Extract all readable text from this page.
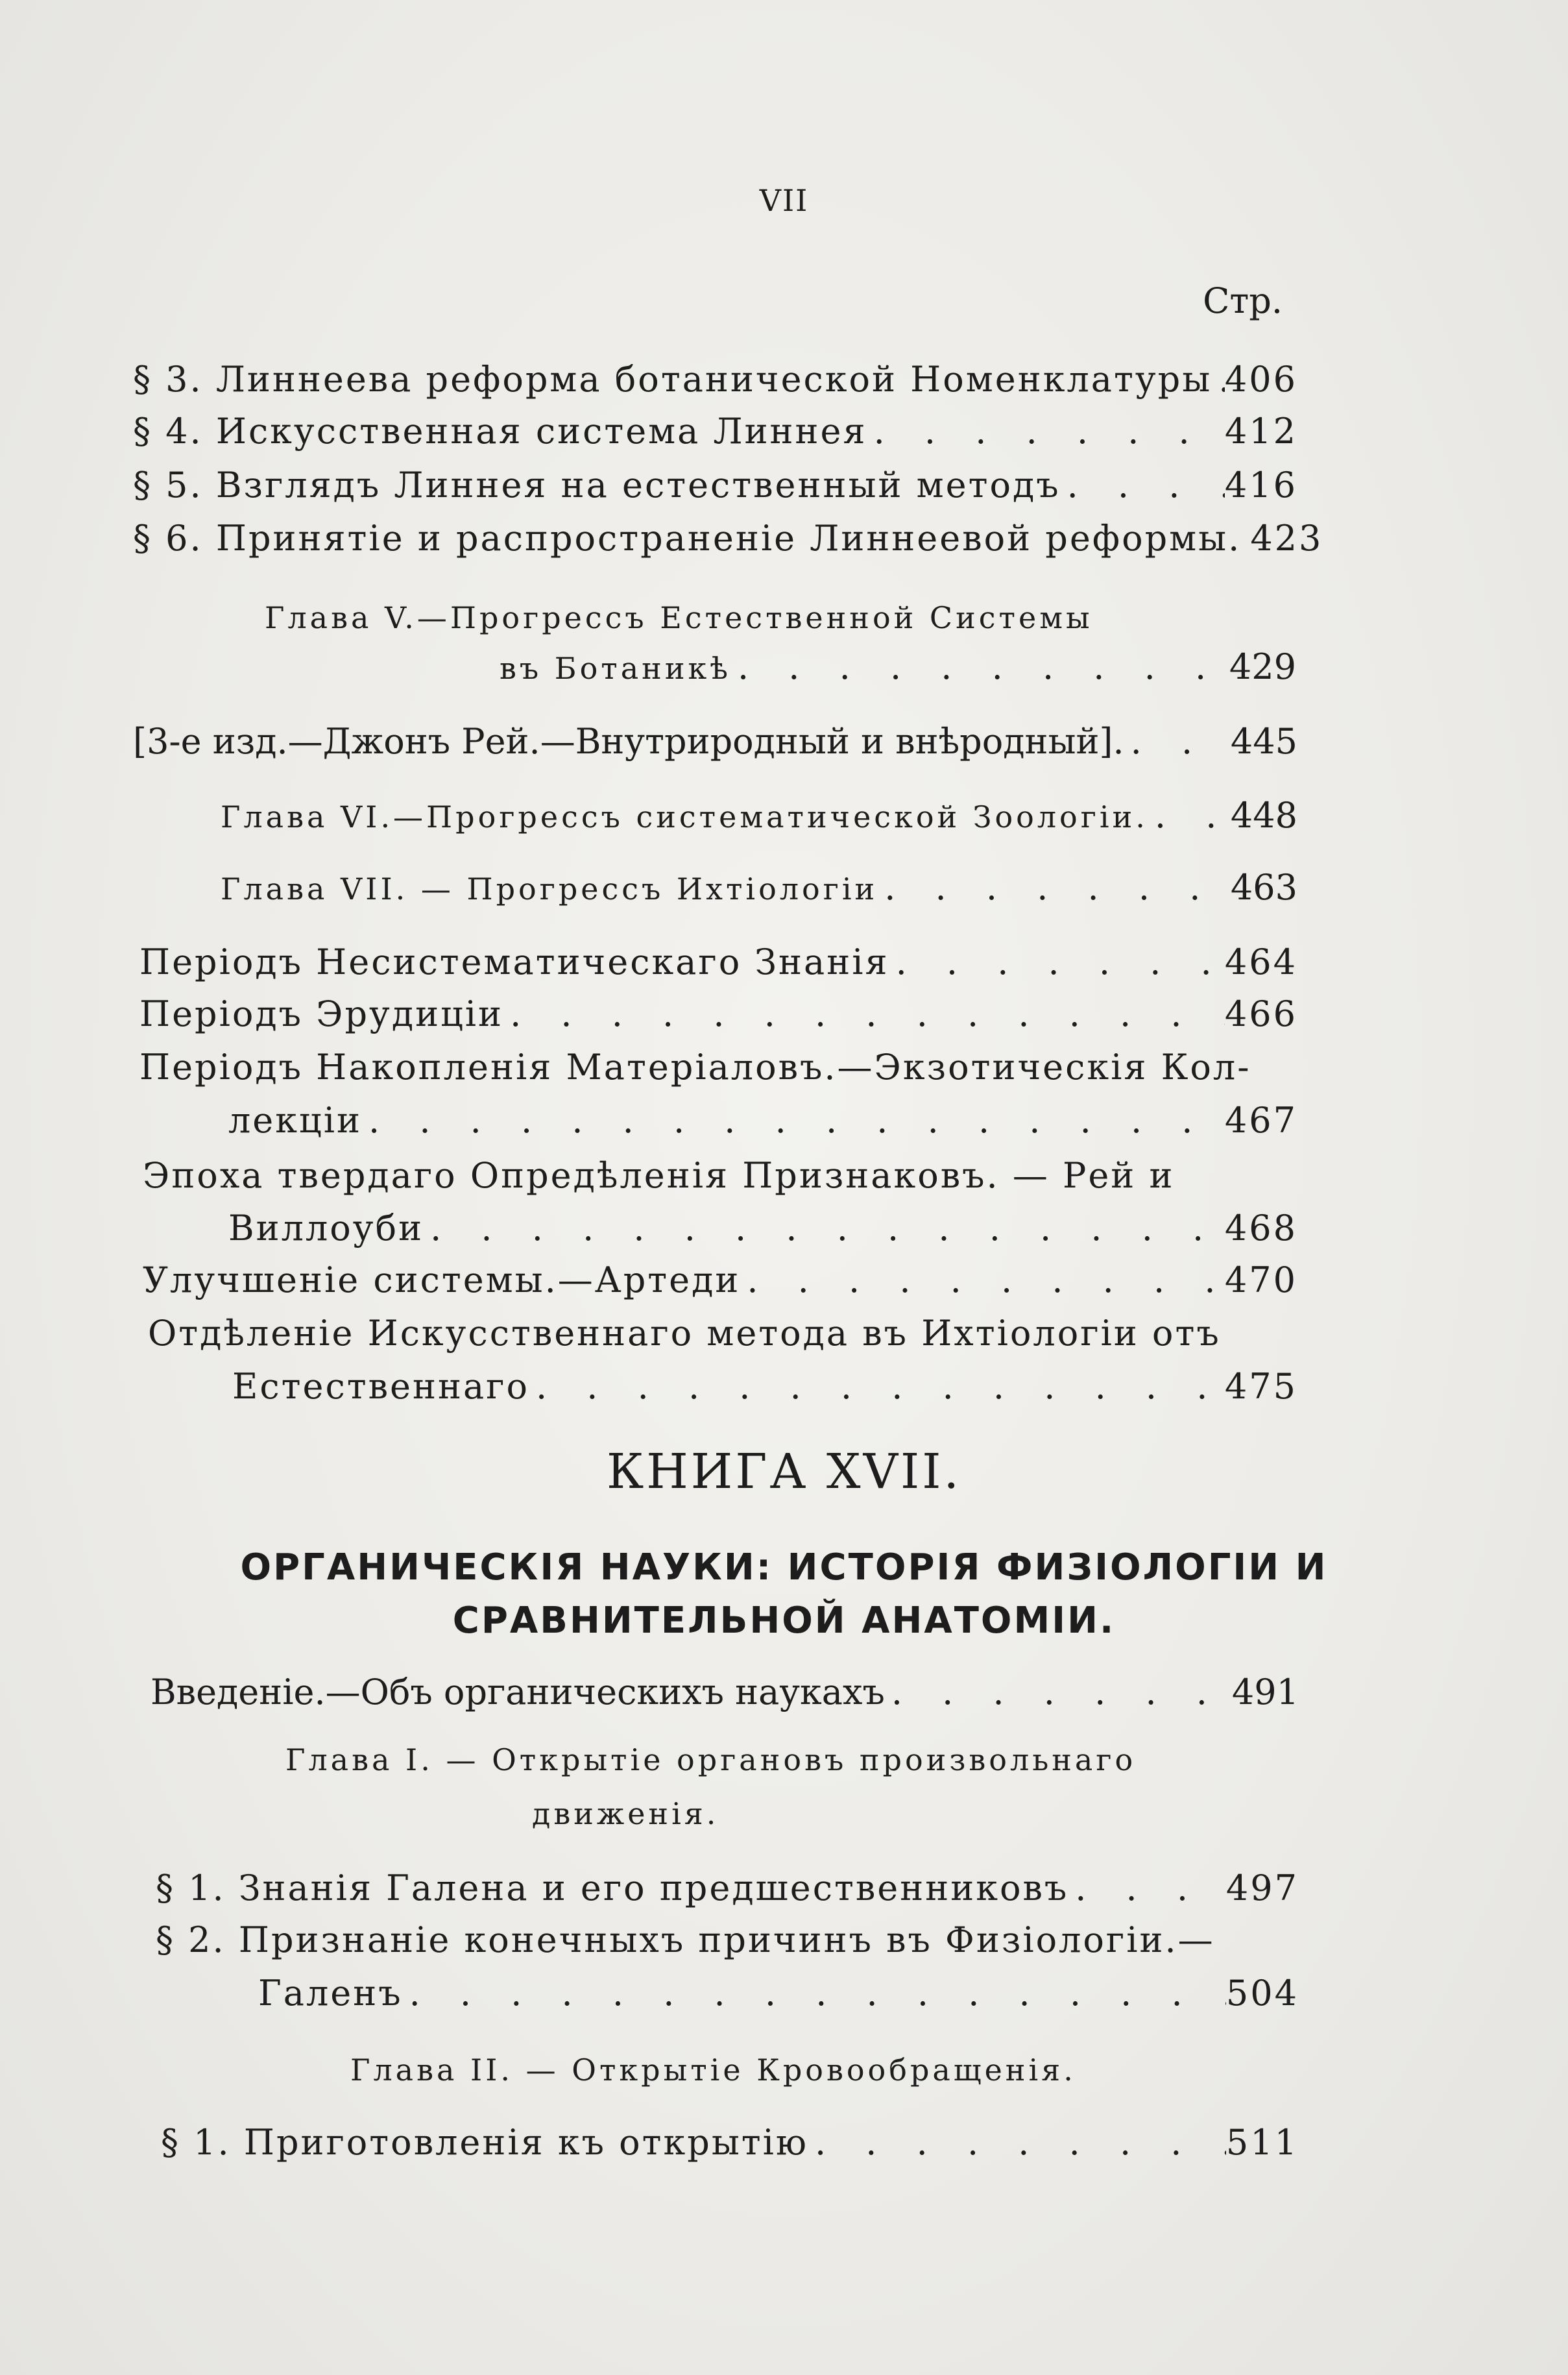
VII
Стр.
§ 3. Линнеева реформа ботанической Номенклатуры . . . 406
§ 4. Искусственная система Линнея . . .	412
§ 5. Взглядъ Линнея на естественный методъ . . .	416
§ 6. Принятіе и распространеніе Линнеевой реформы. . . . 423
Глава V.—Прогрессъ Естественной Системы
въ Ботаникѣ . . .	429
[3-е изд.—Джонъ Рей.—Внутриродный и внѣродный]. . . .	445
Глава VI.—Прогрессъ систематической Зоологіи. . . . 448
Глава VII. — Прогрессъ Ихтіологіи . . .	463
Періодъ Несистематическаго Знанія . . .	464
Періодъ Эрудиціи . . .	466
Періодъ Накопленія Матеріаловъ.—Экзотическія Кол-
лекціи . . .	467
Эпоха твердаго Опредѣленія Признаковъ. — Рей и
Виллоуби . . .	468
Улучшеніе системы.—Артеди . . .	470
Отдѣленіе Искусственнаго метода въ Ихтіологіи отъ
Естественнаго . . .	475
КНИГА XVII.
ОРГАНИЧЕСКІЯ НАУКИ: ИСТОРІЯ ФИЗІОЛОГІИ И
СРАВНИТЕЛЬНОЙ АНАТОМІИ.
Введеніе.—Объ органическихъ наукахъ . . .	491
Глава I. — Открытіе органовъ произвольнаго
движенія.
§ 1. Знанія Галена и его предшественниковъ . . .	497
§ 2. Признаніе конечныхъ причинъ въ Физіологіи.—
Галенъ . . .	504
Глава II. — Открытіе Кровообращенія.
§ 1. Приготовленія къ открытію . . .	511
